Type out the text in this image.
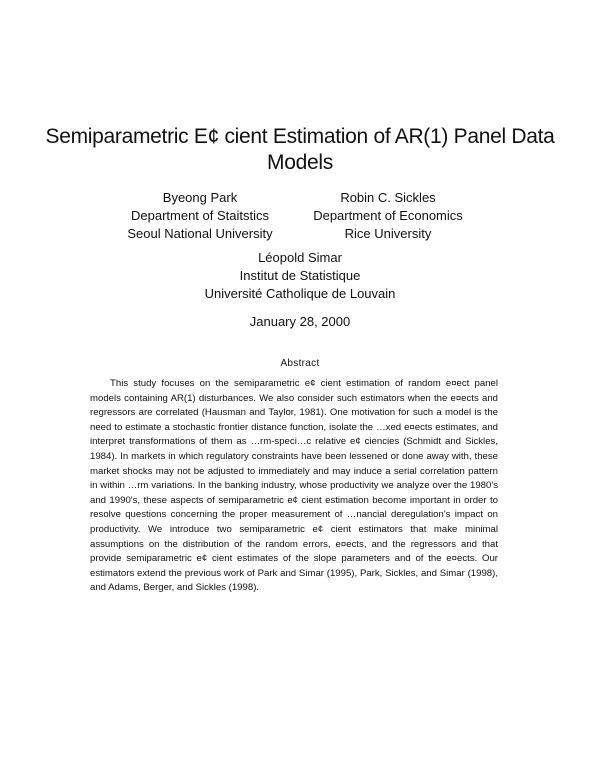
Semiparametric E¢ cient Estimation of AR(1) Panel Data Models
Byeong Park
Department of Staitstics
Seoul National University
Robin C. Sickles
Department of Economics
Rice University
Léopold Simar
Institut de Statistique
Université Catholique de Louvain
January 28, 2000
Abstract

This study focuses on the semiparametric e¢ cient estimation of random e¤ect panel models containing AR(1) disturbances. We also consider such estimators when the e¤ects and regressors are correlated (Hausman and Taylor, 1981). One motivation for such a model is the need to estimate a stochastic frontier distance function, isolate the …xed e¤ects estimates, and interpret transformations of them as …rm-speci…c relative e¢ ciencies (Schmidt and Sickles, 1984). In markets in which regulatory constraints have been lessened or done away with, these market shocks may not be adjusted to immediately and may induce a serial correlation pattern in within …rm variations. In the banking industry, whose productivity we analyze over the 1980's and 1990's, these aspects of semiparametric e¢ cient estimation become important in order to resolve questions concerning the proper measurement of …nancial deregulation's impact on productivity. We introduce two semiparametric e¢ cient estimators that make minimal assumptions on the distribution of the random errors, e¤ects, and the regressors and that provide semiparametric e¢ cient estimates of the slope parameters and of the e¤ects. Our estimators extend the previous work of Park and Simar (1995), Park, Sickles, and Simar (1998), and Adams, Berger, and Sickles (1998).
